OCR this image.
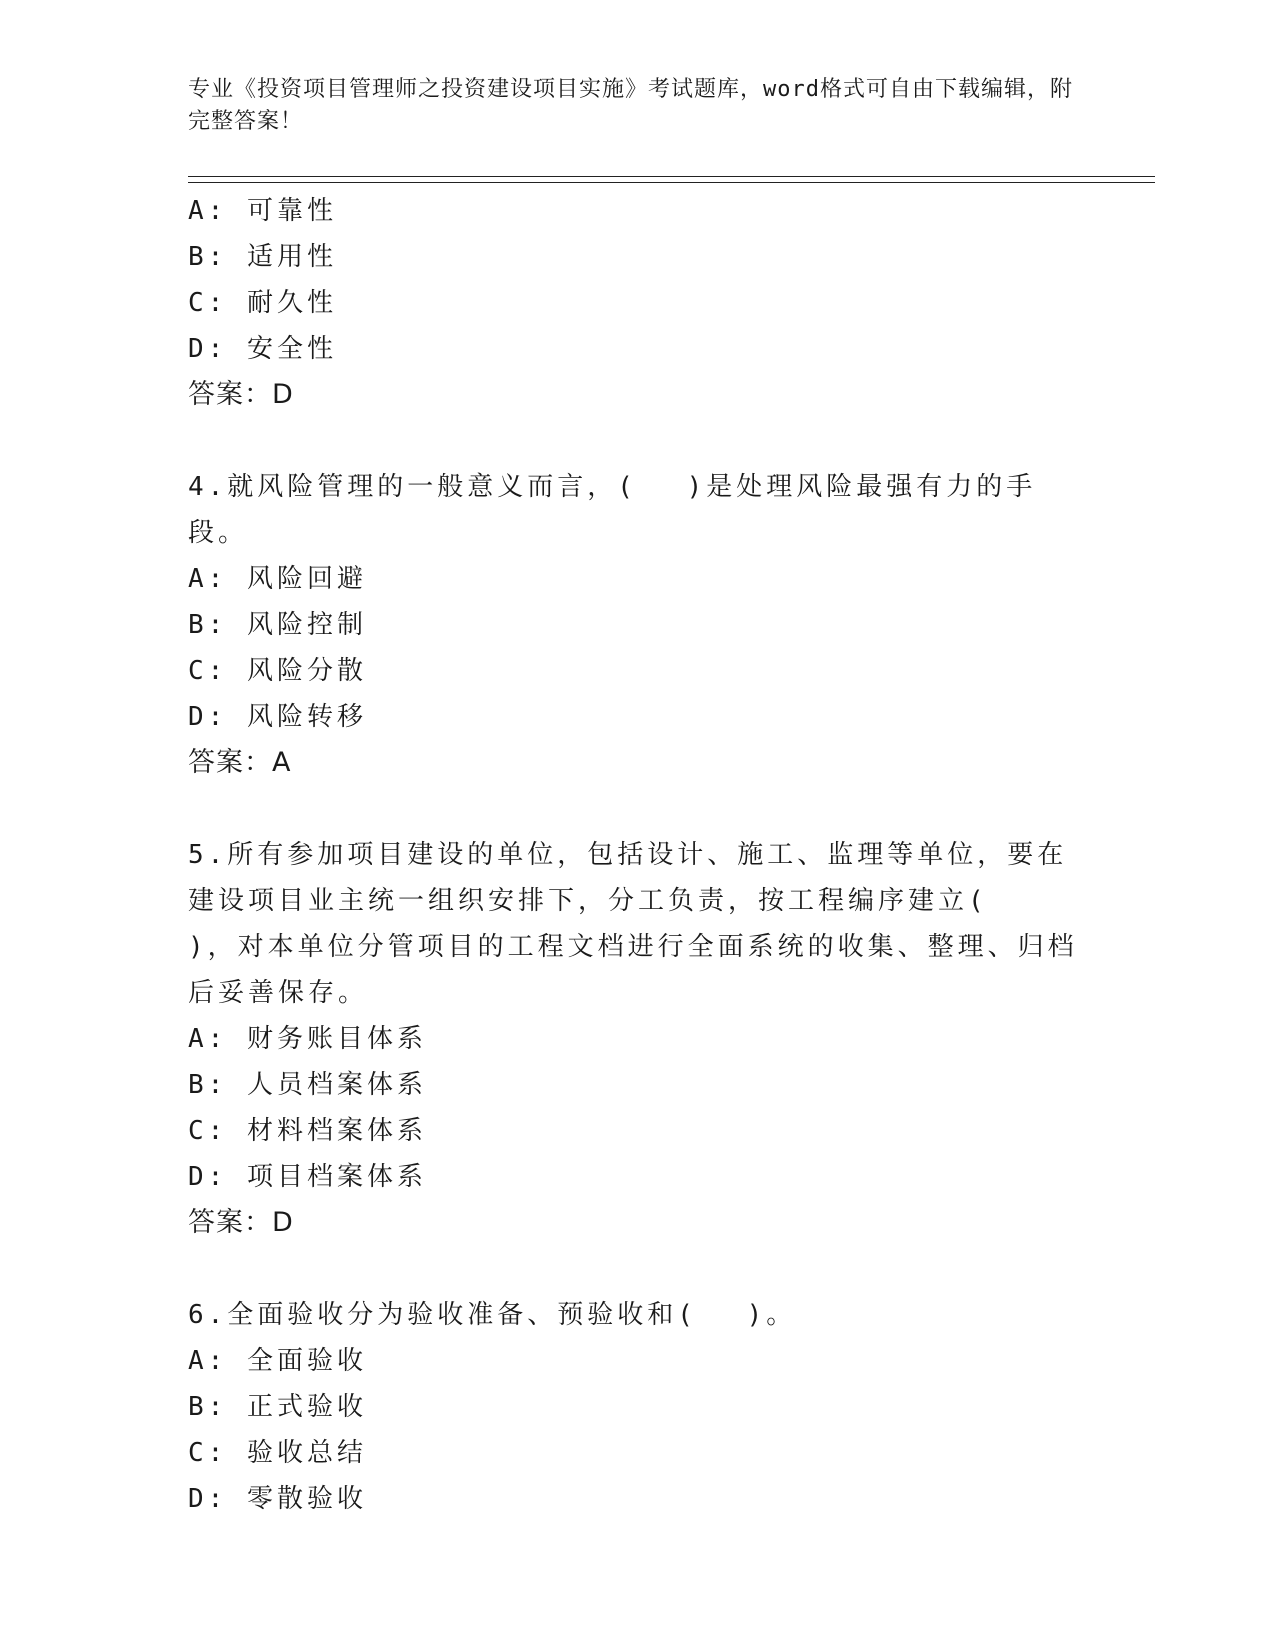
专业《投资项目管理师之投资建设项目实施》考试题库，word格式可自由下载编辑，附完整答案！
A: 可靠性
B: 适用性
C: 耐久性
D: 安全性
答案：D
4.就风险管理的一般意义而言，(　 )是处理风险最强有力的手段。
A: 风险回避
B: 风险控制
C: 风险分散
D: 风险转移
答案：A
5.所有参加项目建设的单位，包括设计、施工、监理等单位，要在建设项目业主统一组织安排下，分工负责，按工程编序建立(　 )，对本单位分管项目的工程文档进行全面系统的收集、整理、归档后妥善保存。
A: 财务账目体系
B: 人员档案体系
C: 材料档案体系
D: 项目档案体系
答案：D
6.全面验收分为验收准备、预验收和(　 )。
A: 全面验收
B: 正式验收
C: 验收总结
D: 零散验收
